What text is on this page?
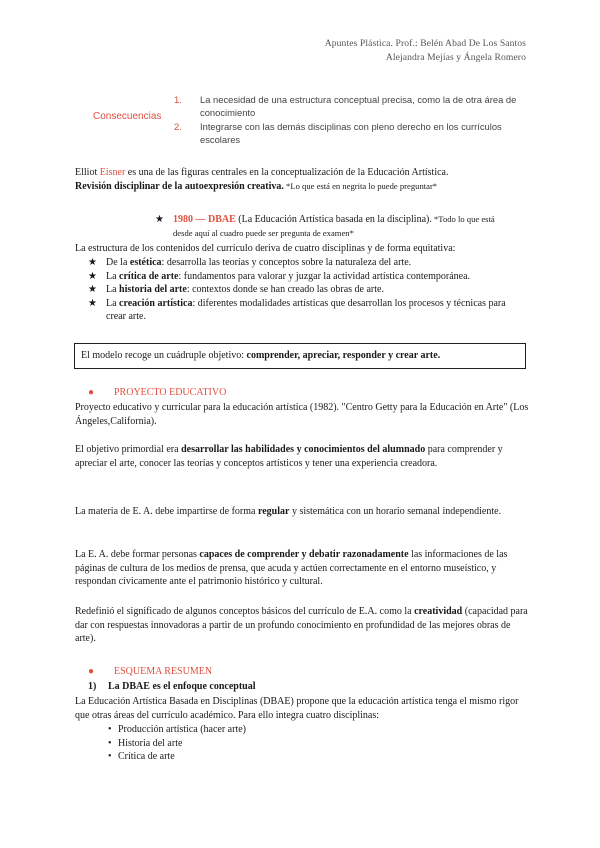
Apuntes Plástica. Prof.: Belén Abad De Los Santos
Alejandra Mejías y Ángela Romero
Consecuencias
1.	La necesidad de una estructura conceptual precisa, como la de otra área de conocimiento
2.	Integrarse con las demás disciplinas con pleno derecho en los currículos escolares
Elliot Eisner es una de las figuras centrales en la conceptualización de la Educación Artística.
Revisión disciplinar de la autoexpresión creativa. *Lo que está en negrita lo puede preguntar*
★ 1980 — DBAE (La Educación Artística basada en la disciplina). *Todo lo que está
desde aquí al cuadro puede ser pregunta de examen*
La estructura de los contenidos del currículo deriva de cuatro disciplinas y de forma equitativa:
★ De la estética: desarrolla las teorías y conceptos sobre la naturaleza del arte.
★ La crítica de arte: fundamentos para valorar y juzgar la actividad artística contemporánea.
★ La historia del arte: contextos donde se han creado las obras de arte.
★ La creación artística: diferentes modalidades artísticas que desarrollan los procesos y técnicas para crear arte.
El modelo recoge un cuádruple objetivo: comprender, apreciar, responder y crear arte.
● PROYECTO EDUCATIVO
Proyecto educativo y curricular para la educación artística (1982). "Centro Getty para la Educación en Arte" (Los Ángeles,California).
El objetivo primordial era desarrollar las habilidades y conocimientos del alumnado para comprender y apreciar el arte, conocer las teorías y conceptos artísticos y tener una experiencia creadora.
La materia de E. A. debe impartirse de forma regular y sistemática con un horario semanal independiente.
La E. A. debe formar personas capaces de comprender y debatir razonadamente las informaciones de las páginas de cultura de los medios de prensa, que acuda y actúen correctamente en el entorno museístico, y respondan cívicamente ante el patrimonio histórico y cultural.
Redefinió el significado de algunos conceptos básicos del currículo de E.A. como la creatividad (capacidad para dar con respuestas innovadoras a partir de un profundo conocimiento en profundidad de las mejores obras de arte).
● ESQUEMA RESUMEN
1) La DBAE es el enfoque conceptual
La Educación Artística Basada en Disciplinas (DBAE) propone que la educación artística tenga el mismo rigor que otras áreas del currículo académico. Para ello integra cuatro disciplinas:
• Producción artística (hacer arte)
• Historia del arte
• Crítica de arte
